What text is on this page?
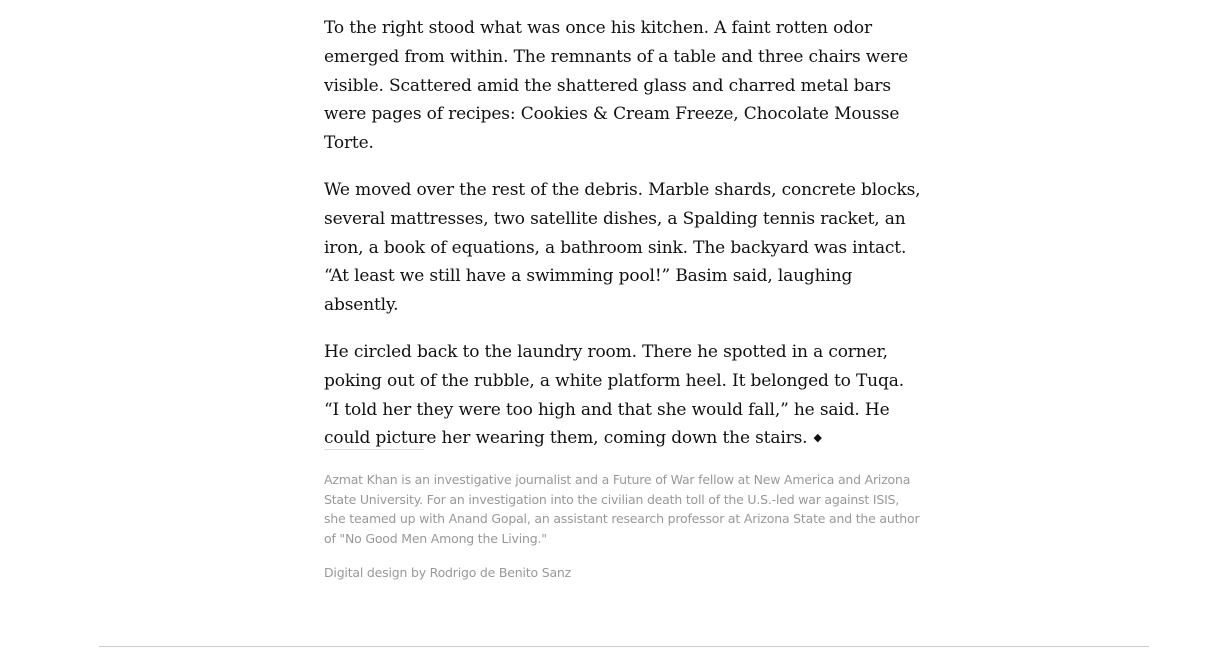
To the right stood what was once his kitchen. A faint rotten odor emerged from within. The remnants of a table and three chairs were visible. Scattered amid the shattered glass and charred metal bars were pages of recipes: Cookies & Cream Freeze, Chocolate Mousse Torte.

We moved over the rest of the debris. Marble shards, concrete blocks, several mattresses, two satellite dishes, a Spalding tennis racket, an iron, a book of equations, a bathroom sink. The backyard was intact. “At least we still have a swimming pool!” Basim said, laughing absently.

He circled back to the laundry room. There he spotted in a corner, poking out of the rubble, a white platform heel. It belonged to Tuqa. “I told her they were too high and that she would fall,” he said. He could picture her wearing them, coming down the stairs. ◆

Azmat Khan is an investigative journalist and a Future of War fellow at New America and Arizona State University. For an investigation into the civilian death toll of the U.S.-led war against ISIS, she teamed up with Anand Gopal, an assistant research professor at Arizona State and the author of "No Good Men Among the Living."

Digital design by Rodrigo de Benito Sanz
